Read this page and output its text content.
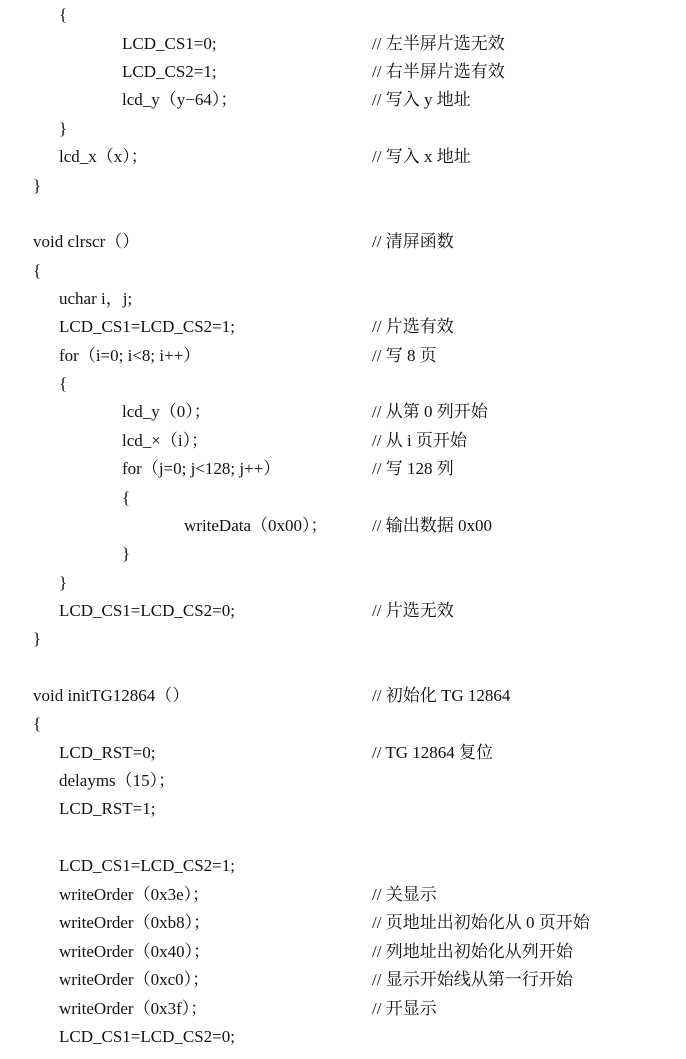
{
LCD_CS1=0;	// 左半屏片选无效
LCD_CS2=1;	// 右半屏片选有效
lcd_y（y−64）；	// 写入 y 地址
}
lcd_x（x）；	// 写入 x 地址
}
void clrscr（）	// 清屏函数
{
uchar i，j;
LCD_CS1=LCD_CS2=1;	// 片选有效
for（i=0; i<8; i++）	// 写 8 页
{
lcd_y（0）；	// 从第 0 列开始
lcd_×（i）；	// 从 i 页开始
for（j=0; j<128; j++）	// 写 128 列
{
writeData（0x00）；	// 输出数据 0x00
}
}
LCD_CS1=LCD_CS2=0;	// 片选无效
}
void initTG12864（）	// 初始化 TG 12864
{
LCD_RST=0;	// TG 12864 复位
delayms（15）；
LCD_RST=1;
LCD_CS1=LCD_CS2=1;
writeOrder（0x3e）；	// 关显示
writeOrder（0xb8）；	// 页地址出初始化从 0 页开始
writeOrder（0x40）；	// 列地址出初始化从列开始
writeOrder（0xc0）；	// 显示开始线从第一行开始
writeOrder（0x3f）；	// 开显示
LCD_CS1=LCD_CS2=0;
